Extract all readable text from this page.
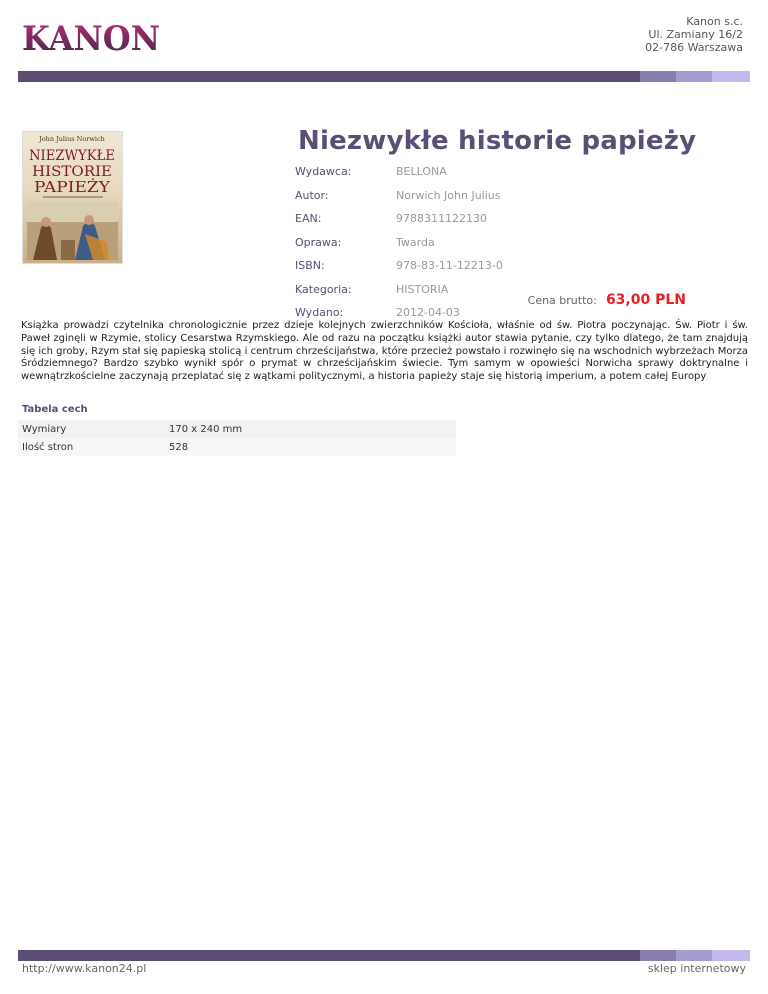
KANON	Kanon s.c.
Ul. Zamiany 16/2
02-786 Warszawa
John Julius Norwich
NIEZWYKŁE
HISTORIE
PAPIEŻY
Niezwykłe historie papieży
Wydawca:	BELLONA
Autor:	Norwich John Julius
EAN:	9788311122130
Oprawa:	Twarda
ISBN:	978-83-11-12213-0
Kategoria:	HISTORIA
Wydano:	2012-04-03
Cena brutto: 63,00 PLN
Książka prowadzi czytelnika chronologicznie przez dzieje kolejnych zwierzchników Kościoła, właśnie od św. Piotra poczynając. Św. Piotr i św. Paweł zginęli w Rzymie, stolicy Cesarstwa Rzymskiego. Ale od razu na początku książki autor stawia pytanie, czy tylko dlatego, że tam znajdują się ich groby, Rzym stał się papieską stolicą i centrum chrześcijaństwa, które przecież powstało i rozwinęło się na wschodnich wybrzeżach Morza Śródziemnego? Bardzo szybko wynikł spór o prymat w chrześcijańskim świecie. Tym samym w opowieści Norwicha sprawy doktrynalne i wewnątrzkościelne zaczynają przeplatać się z wątkami politycznymi, a historia papieży staje się historią imperium, a potem całej Europy
Tabela cech
Wymiary	170 x 240 mm
Ilość stron	528
http://www.kanon24.pl	sklep internetowy
